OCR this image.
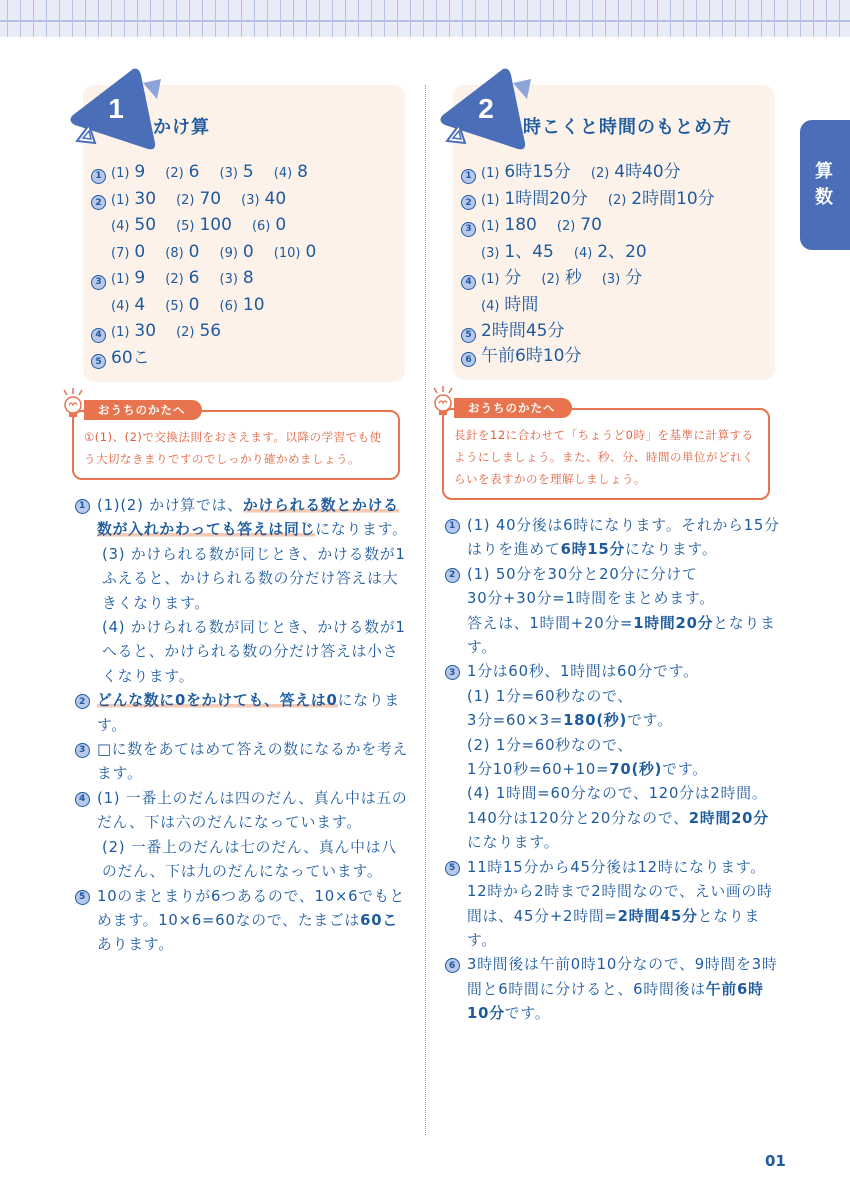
算
数
1
かけ算
1 (1) 9 (2) 6 (3) 5 (4) 8
2 (1) 30 (2) 70 (3) 40
(4) 50 (5) 100 (6) 0
(7) 0 (8) 0 (9) 0 (10) 0
3 (1) 9 (2) 6 (3) 8
(4) 4 (5) 0 (6) 10
4 (1) 30 (2) 56
5 60こ
おうちのかたへ
①(1)、(2)で交換法則をおさえます。以降の学習でも使う大切なきまりですのでしっかり確かめましょう。
1 (1)(2) かけ算では、かけられる数とかける数が入れかわっても答えは同じになります。
(3) かけられる数が同じとき、かける数が1ふえると、かけられる数の分だけ答えは大きくなります。
(4) かけられる数が同じとき、かける数が1へると、かけられる数の分だけ答えは小さくなります。
2 どんな数に0をかけても、答えは0になります。
3 □に数をあてはめて答えの数になるかを考えます。
4 (1) 一番上のだんは四のだん、真ん中は五のだん、下は六のだんになっています。
(2) 一番上のだんは七のだん、真ん中は八のだん、下は九のだんになっています。
5 10のまとまりが6つあるので、10×6でもとめます。10×6=60なので、たまごは60こあります。
2
時こくと時間のもとめ方
1 (1) 6時15分 (2) 4時40分
2 (1) 1時間20分 (2) 2時間10分
3 (1) 180 (2) 70
(3) 1、45 (4) 2、20
4 (1) 分 (2) 秒 (3) 分
(4) 時間
5 2時間45分
6 午前6時10分
おうちのかたへ
長針を12に合わせて「ちょうど0時」を基準に計算するようにしましょう。また、秒、分、時間の単位がどれくらいを表すかのを理解しましょう。
1 (1) 40分後は6時になります。それから15分はりを進めて6時15分になります。
2 (1) 50分を30分と20分に分けて
30分+30分=1時間をまとめます。
答えは、1時間+20分=1時間20分となります。
3 1分は60秒、1時間は60分です。
(1) 1分=60秒なので、
3分=60×3=180(秒)です。
(2) 1分=60秒なので、
1分10秒=60+10=70(秒)です。
(4) 1時間=60分なので、120分は2時間。140分は120分と20分なので、2時間20分になります。
5 11時15分から45分後は12時になります。12時から2時まで2時間なので、えい画の時間は、45分+2時間=2時間45分となります。
6 3時間後は午前0時10分なので、9時間を3時間と6時間に分けると、6時間後は午前6時10分です。
01
